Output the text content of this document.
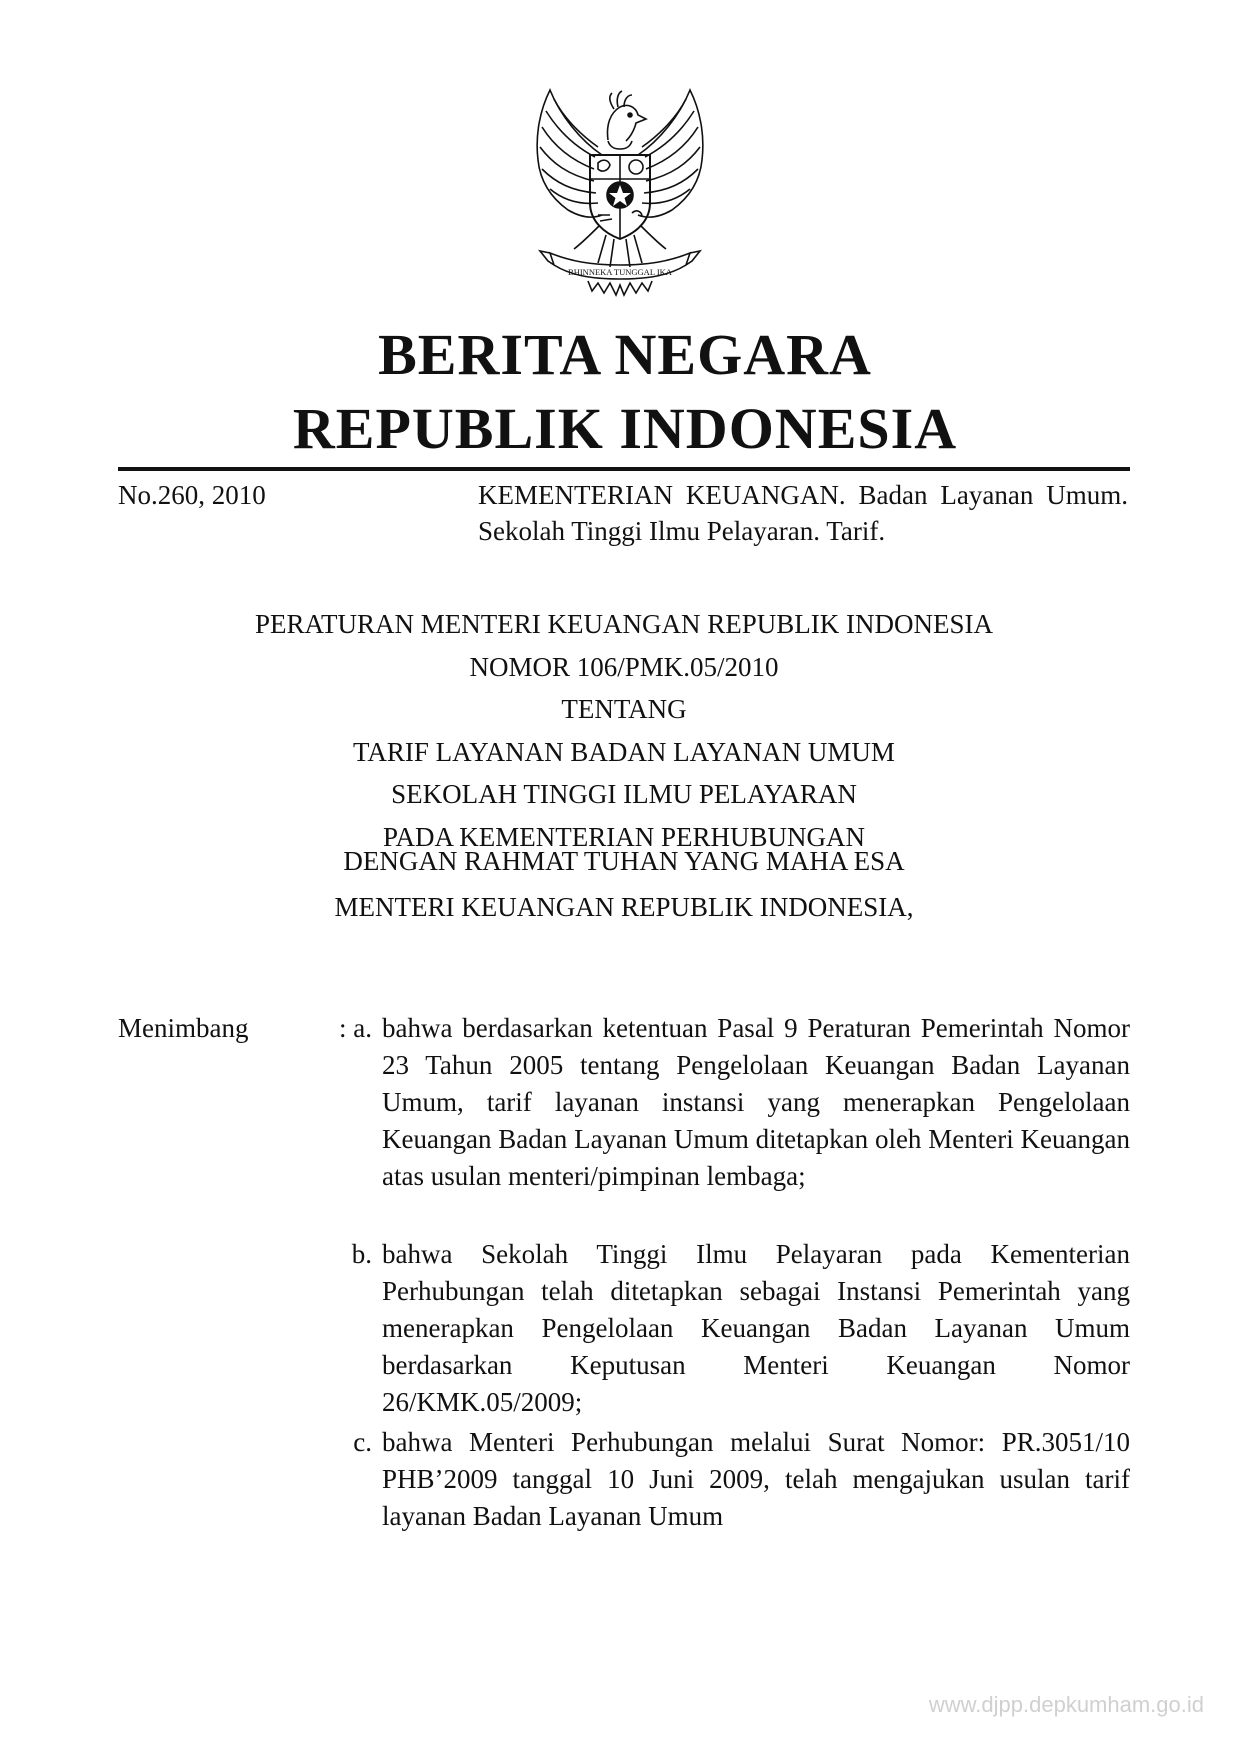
BHINNEKA TUNGGAL IKA
BERITA NEGARA
REPUBLIK INDONESIA
No.260, 2010	KEMENTERIAN KEUANGAN. Badan Layanan Umum. Sekolah Tinggi Ilmu Pelayaran. Tarif.
PERATURAN MENTERI KEUANGAN REPUBLIK INDONESIA
NOMOR 106/PMK.05/2010
TENTANG
TARIF LAYANAN BADAN LAYANAN UMUM
SEKOLAH TINGGI ILMU PELAYARAN
PADA KEMENTERIAN PERHUBUNGAN
DENGAN RAHMAT TUHAN YANG MAHA ESA
MENTERI KEUANGAN REPUBLIK INDONESIA,
Menimbang	: a. bahwa berdasarkan ketentuan Pasal 9 Peraturan Pemerintah Nomor 23 Tahun 2005 tentang Pengelolaan Keuangan Badan Layanan Umum, tarif layanan instansi yang menerapkan Pengelolaan Keuangan Badan Layanan Umum ditetapkan oleh Menteri Keuangan atas usulan menteri/pimpinan lembaga;
b. bahwa Sekolah Tinggi Ilmu Pelayaran pada Kementerian Perhubungan telah ditetapkan sebagai Instansi Pemerintah yang menerapkan Pengelolaan Keuangan Badan Layanan Umum berdasarkan Keputusan Menteri Keuangan Nomor 26/KMK.05/2009;
c. bahwa Menteri Perhubungan melalui Surat Nomor: PR.3051/10 PHB’2009 tanggal 10 Juni 2009, telah mengajukan usulan tarif layanan Badan Layanan Umum
www.djpp.depkumham.go.id
